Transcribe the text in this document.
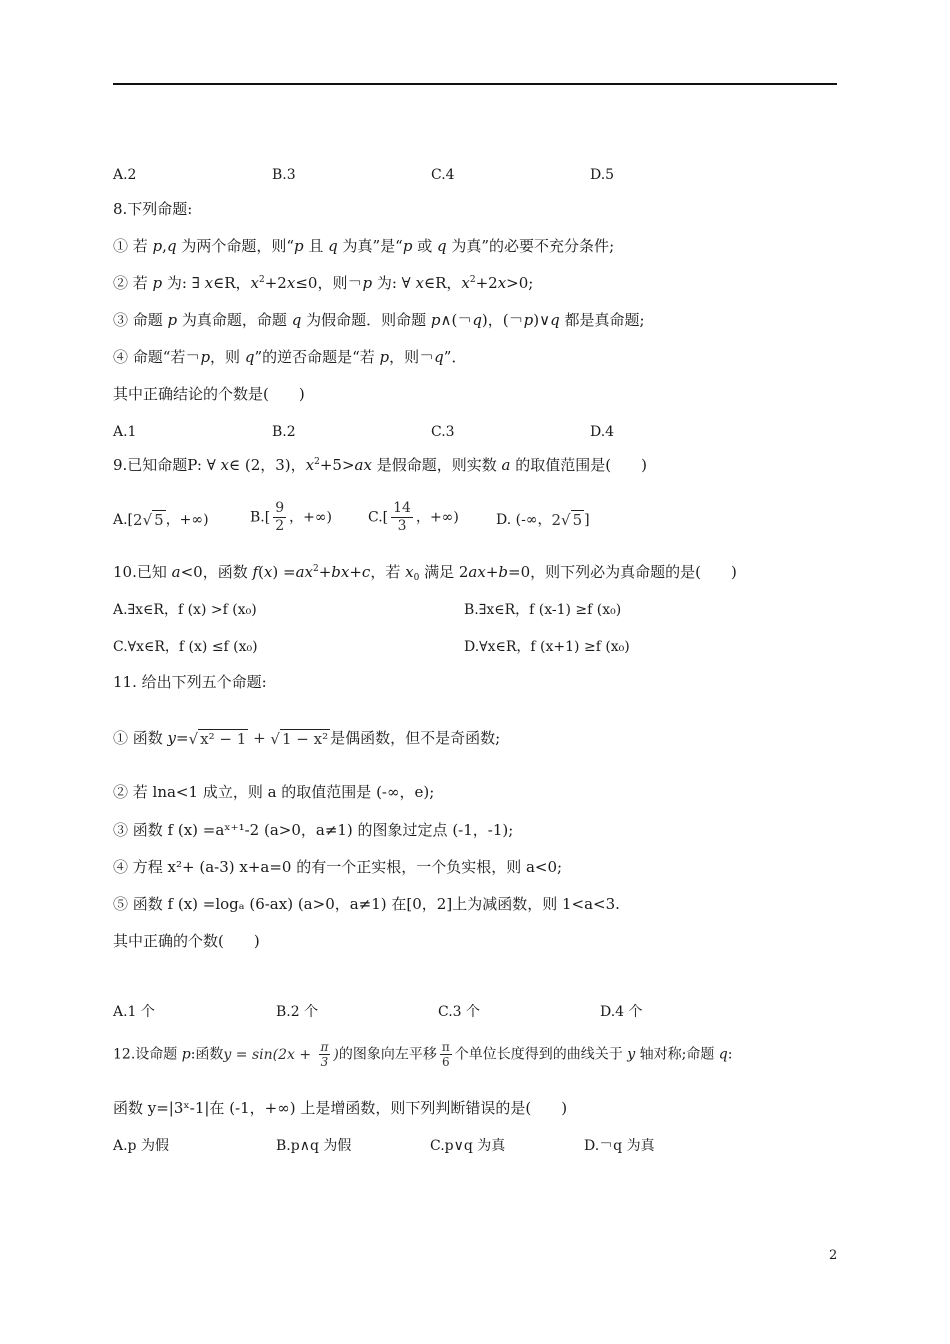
A.2	B.3	C.4	D.5
8.下列命题:
① 若 p,q 为两个命题，则“p 且 q 为真”是“p 或 q 为真”的必要不充分条件;
② 若 p 为: ∃ x∈R，$x^2+2x\le 0$，则￢p 为: ∀ x∈R，$x^2+2x>0$;
③ 命题 p 为真命题，命题 q 为假命题．则命题 p∧(￢q)，(￢p)∨q 都是真命题;
④ 命题“若￢p，则 q”的逆否命题是“若 p，则￢q”．
其中正确结论的个数是(　　)
A.1	B.2	C.3	D.4
9.已知命题P: ∀ x∈ (2，3)，$x^2+5>ax$ 是假命题，则实数 a 的取值范围是(　　)
A.[2√ 5 ，+∞)	$B.[ \frac{9}{2}$ ，+∞)	$C.[ \frac{14}{3}$ ，+∞)	D. (-∞，2√ 5 ]
10.已知 a<0，函数 $f(x) =ax^2+bx+c$，若 $x_0$ 满足 2ax+b=0，则下列必为真命题的是(　　)
A.∃x∈R，f (x) >f (x₀)	B.∃x∈R，f (x-1) ≥f (x₀)
C.∀x∈R，f (x) ≤f (x₀)	D.∀x∈R，f (x+1) ≥f (x₀)
11. 给出下列五个命题:
① 函数 y=√ x² − 1 + √ 1 − x² 是偶函数，但不是奇函数;
② 若 lna<1 成立，则 a 的取值范围是 (-∞，e);
③ 函数 f (x) =aˣ⁺¹-2 (a>0，a≠1) 的图象过定点 (-1，-1);
④ 方程 x²+ (a-3) x+a=0 的有一个正实根，一个负实根，则 a<0;
⑤ 函数 f (x) =logₐ (6-ax) (a>0，a≠1) 在[0，2]上为减函数，则 1<a<3.
其中正确的个数(　　)
A.1 个	B.2 个	C.3 个	D.4 个
12.设命题 p:函数$y = \sin(2x + \frac{\pi}{3}$ )的图象向左平移 $\frac{\pi}{6}$ 个单位长度得到的曲线关于 y 轴对称;命题 q:
函数 y=|3ˣ-1|在 (-1，+∞) 上是增函数，则下列判断错误的是(　　)
A.p 为假	B.p∧q 为假	C.p∨q 为真	D.￢q 为真
2
